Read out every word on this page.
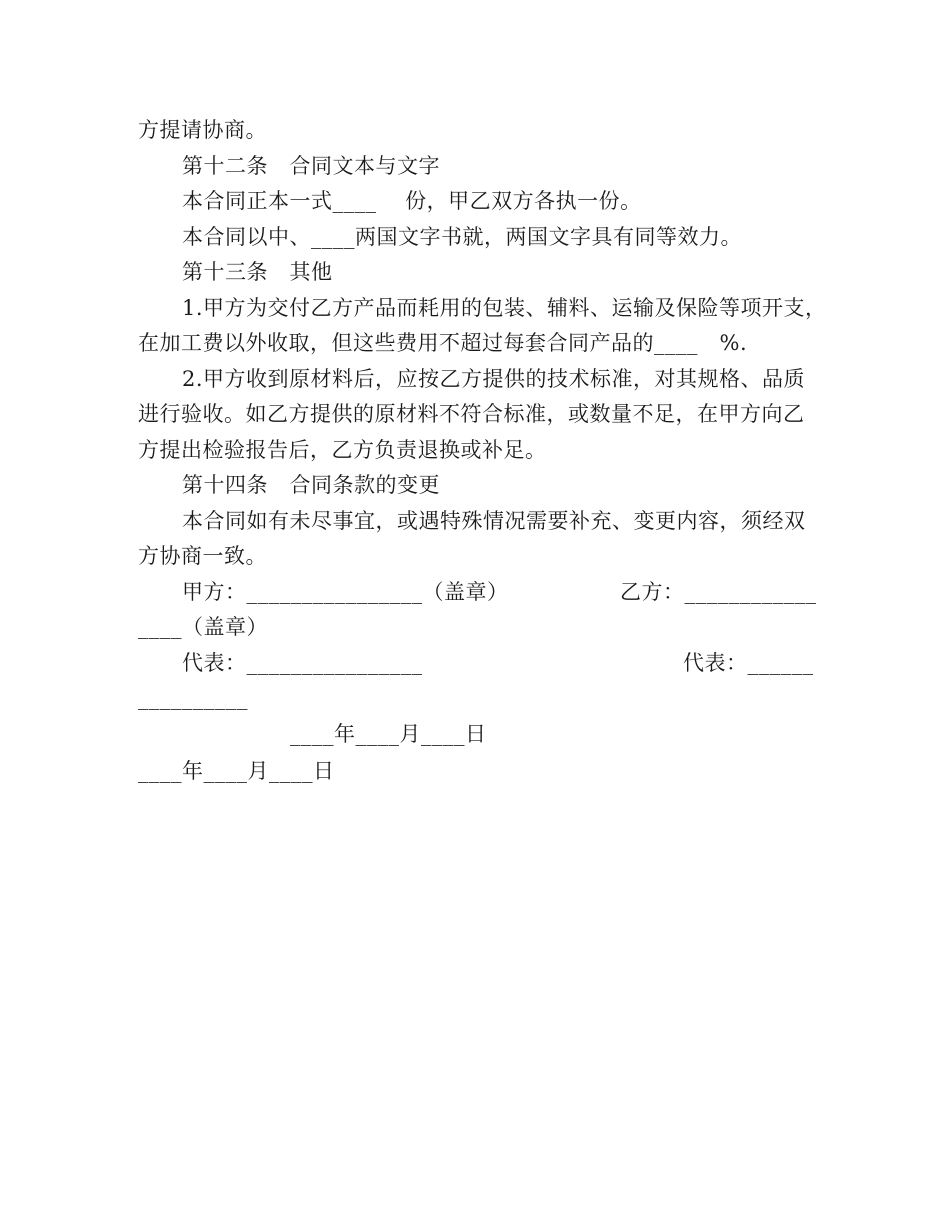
方提请协商。
第十二条　合同文本与文字
本合同正本一式____　 份，甲乙双方各执一份。
本合同以中、____两国文字书就，两国文字具有同等效力。
第十三条　其他
1.甲方为交付乙方产品而耗用的包装、辅料、运输及保险等项开支，
在加工费以外收取，但这些费用不超过每套合同产品的____　%.
2.甲方收到原材料后，应按乙方提供的技术标准，对其规格、品质
进行验收。如乙方提供的原材料不符合标准，或数量不足，在甲方向乙
方提出检验报告后，乙方负责退换或补足。
第十四条　合同条款的变更
本合同如有未尽事宜，或遇特殊情况需要补充、变更内容，须经双
方协商一致。
甲方：________________（盖章）	乙方：____________
____（盖章）
代表：________________	代表：______
__________
____年____月____日
____年____月____日
